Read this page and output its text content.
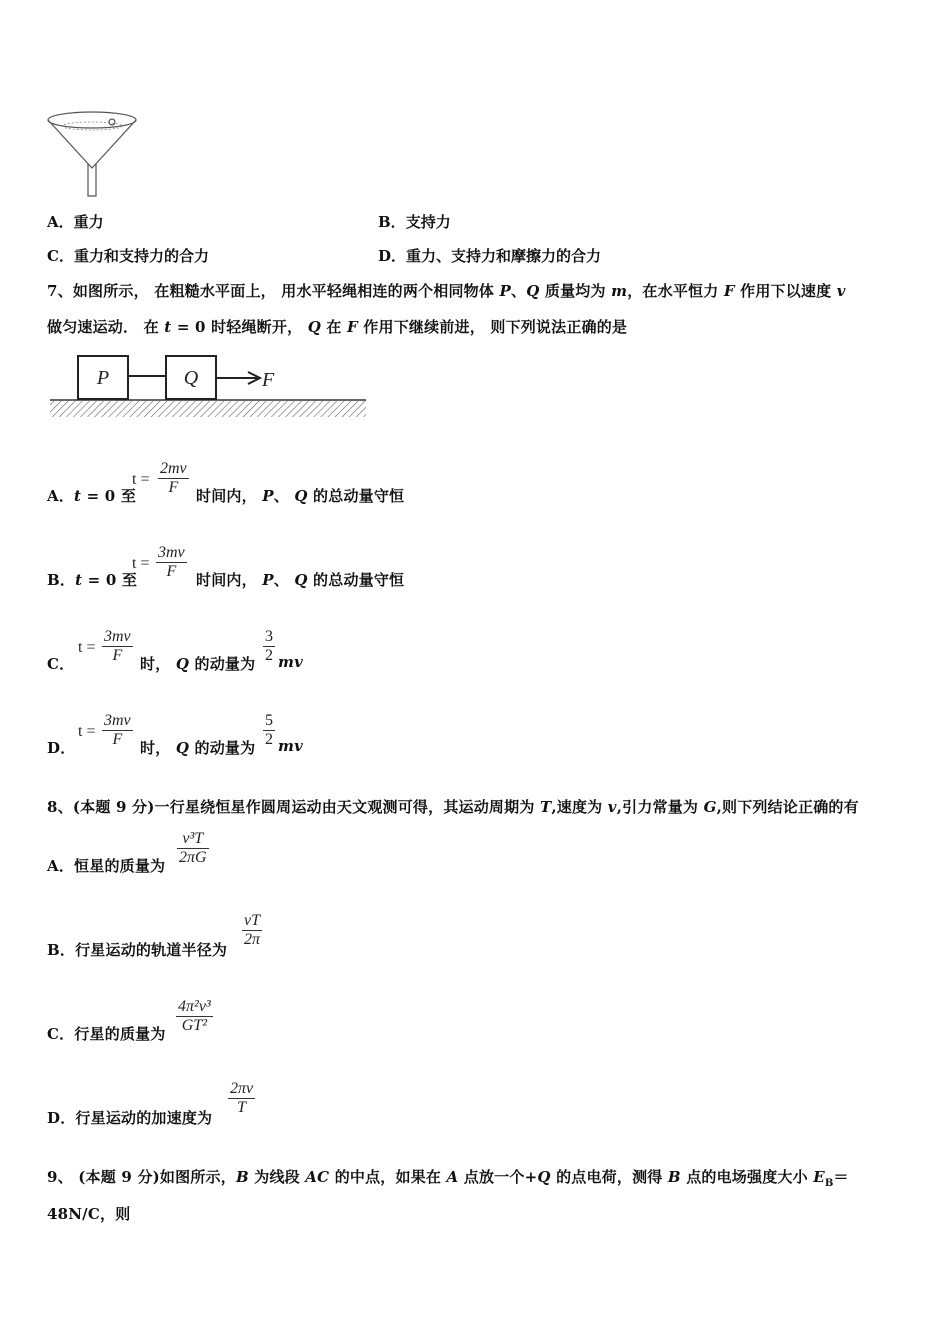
A．重力	B．支持力
C．重力和支持力的合力	D．重力、支持力和摩擦力的合力
7、如图所示， 在粗糙水平面上， 用水平轻绳相连的两个相同物体 P、Q 质量均为 m，在水平恒力 F 作用下以速度 v
做匀速运动． 在 t = 0 时轻绳断开， Q 在 F 作用下继续前进， 则下列说法正确的是
P	Q	F
A．t = 0 至
t =
2mv
F	时间内， P、 Q 的总动量守恒
B．t = 0 至
t =
3mv
F	时间内， P、 Q 的总动量守恒
C．
t =
3mv
F	时， Q 的动量为
3
2 mv
D．
t =
3mv
F	时， Q 的动量为
5
2 mv
8、(本题 9 分)一行星绕恒星作圆周运动由天文观测可得，其运动周期为 T,速度为 v,引力常量为 G,则下列结论正确的有
A．恒星的质量为
v³T
2πG
B．行星运动的轨道半径为
vT
2π
C．行星的质量为
4π²v³
GT²
D．行星运动的加速度为
2πv
T
9、 (本题 9 分)如图所示，B 为线段 AC 的中点，如果在 A 点放一个+Q 的点电荷，测得 B 点的电场强度大小 $E_B=$
48N/C，则
